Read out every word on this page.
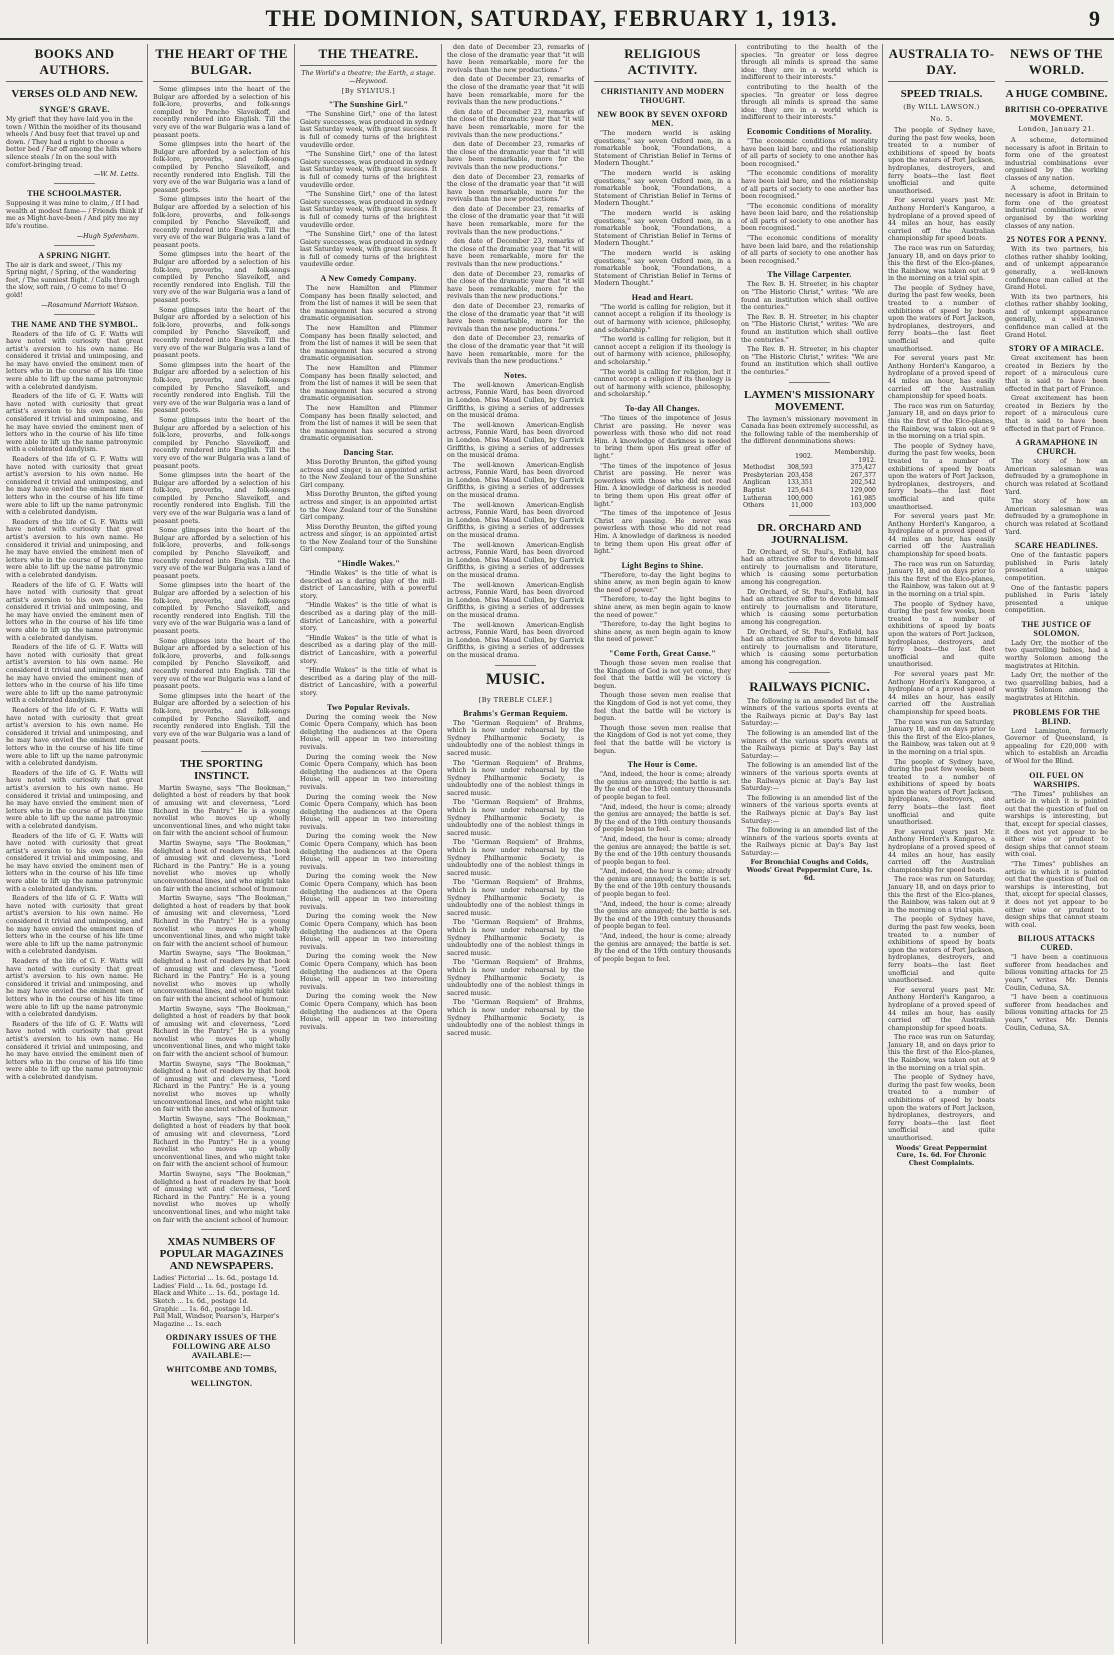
THE DOMINION, SATURDAY, FEBRUARY 1, 1913.	9
BOOKS AND AUTHORS.
VERSES OLD AND NEW.
SYNGE'S GRAVE.

My grief! that they have laid you in the town / Within the moidher of its thousand wheels / And busy feet that travel up and down. / They had a right to choose a better bed / Far off among the hills where silence steals / In on the soul with comfort-bringing tread.

—W. M. Letts.
THE SCHOOLMASTER.

Supposing it was mine to claim, / If I had wealth at modest fame— / Friends think if me as Might-have-been / And pity me my life's routine.

—Hugh Sydenham.
A SPRING NIGHT.

The air is dark and sweet, / This my Spring night, / Spring, of the wandering feet, / The sunniest flight. / Calls through the slow, soft rain, / O come to me! O gold!

—Rosamund Marriott Watson.
THE NAME AND THE SYMBOL.

Readers of the life of G. F. Watts will have noted with curiosity that great artist's aversion to his own name. He considered it trivial and unimposing, and he may have envied the eminent men of letters who in the course of his life time were able to lift up the name patronymic with a celebrated dandyism.

Readers of the life of G. F. Watts will have noted with curiosity that great artist's aversion to his own name. He considered it trivial and unimposing, and he may have envied the eminent men of letters who in the course of his life time were able to lift up the name patronymic with a celebrated dandyism.

Readers of the life of G. F. Watts will have noted with curiosity that great artist's aversion to his own name. He considered it trivial and unimposing, and he may have envied the eminent men of letters who in the course of his life time were able to lift up the name patronymic with a celebrated dandyism.

Readers of the life of G. F. Watts will have noted with curiosity that great artist's aversion to his own name. He considered it trivial and unimposing, and he may have envied the eminent men of letters who in the course of his life time were able to lift up the name patronymic with a celebrated dandyism.

Readers of the life of G. F. Watts will have noted with curiosity that great artist's aversion to his own name. He considered it trivial and unimposing, and he may have envied the eminent men of letters who in the course of his life time were able to lift up the name patronymic with a celebrated dandyism.

Readers of the life of G. F. Watts will have noted with curiosity that great artist's aversion to his own name. He considered it trivial and unimposing, and he may have envied the eminent men of letters who in the course of his life time were able to lift up the name patronymic with a celebrated dandyism.

Readers of the life of G. F. Watts will have noted with curiosity that great artist's aversion to his own name. He considered it trivial and unimposing, and he may have envied the eminent men of letters who in the course of his life time were able to lift up the name patronymic with a celebrated dandyism.

Readers of the life of G. F. Watts will have noted with curiosity that great artist's aversion to his own name. He considered it trivial and unimposing, and he may have envied the eminent men of letters who in the course of his life time were able to lift up the name patronymic with a celebrated dandyism.

Readers of the life of G. F. Watts will have noted with curiosity that great artist's aversion to his own name. He considered it trivial and unimposing, and he may have envied the eminent men of letters who in the course of his life time were able to lift up the name patronymic with a celebrated dandyism.

Readers of the life of G. F. Watts will have noted with curiosity that great artist's aversion to his own name. He considered it trivial and unimposing, and he may have envied the eminent men of letters who in the course of his life time were able to lift up the name patronymic with a celebrated dandyism.

Readers of the life of G. F. Watts will have noted with curiosity that great artist's aversion to his own name. He considered it trivial and unimposing, and he may have envied the eminent men of letters who in the course of his life time were able to lift up the name patronymic with a celebrated dandyism.

Readers of the life of G. F. Watts will have noted with curiosity that great artist's aversion to his own name. He considered it trivial and unimposing, and he may have envied the eminent men of letters who in the course of his life time were able to lift up the name patronymic with a celebrated dandyism.

THE HEART OF THE BULGAR.

Some glimpses into the heart of the Bulgar are afforded by a selection of his folk-lore, proverbs, and folk-songs compiled by Pencho Slaveikoff, and recently rendered into English. Till the very eve of the war Bulgaria was a land of peasant poets.

Some glimpses into the heart of the Bulgar are afforded by a selection of his folk-lore, proverbs, and folk-songs compiled by Pencho Slaveikoff, and recently rendered into English. Till the very eve of the war Bulgaria was a land of peasant poets.

Some glimpses into the heart of the Bulgar are afforded by a selection of his folk-lore, proverbs, and folk-songs compiled by Pencho Slaveikoff, and recently rendered into English. Till the very eve of the war Bulgaria was a land of peasant poets.

Some glimpses into the heart of the Bulgar are afforded by a selection of his folk-lore, proverbs, and folk-songs compiled by Pencho Slaveikoff, and recently rendered into English. Till the very eve of the war Bulgaria was a land of peasant poets.

Some glimpses into the heart of the Bulgar are afforded by a selection of his folk-lore, proverbs, and folk-songs compiled by Pencho Slaveikoff, and recently rendered into English. Till the very eve of the war Bulgaria was a land of peasant poets.

Some glimpses into the heart of the Bulgar are afforded by a selection of his folk-lore, proverbs, and folk-songs compiled by Pencho Slaveikoff, and recently rendered into English. Till the very eve of the war Bulgaria was a land of peasant poets.

Some glimpses into the heart of the Bulgar are afforded by a selection of his folk-lore, proverbs, and folk-songs compiled by Pencho Slaveikoff, and recently rendered into English. Till the very eve of the war Bulgaria was a land of peasant poets.

Some glimpses into the heart of the Bulgar are afforded by a selection of his folk-lore, proverbs, and folk-songs compiled by Pencho Slaveikoff, and recently rendered into English. Till the very eve of the war Bulgaria was a land of peasant poets.

Some glimpses into the heart of the Bulgar are afforded by a selection of his folk-lore, proverbs, and folk-songs compiled by Pencho Slaveikoff, and recently rendered into English. Till the very eve of the war Bulgaria was a land of peasant poets.

Some glimpses into the heart of the Bulgar are afforded by a selection of his folk-lore, proverbs, and folk-songs compiled by Pencho Slaveikoff, and recently rendered into English. Till the very eve of the war Bulgaria was a land of peasant poets.

Some glimpses into the heart of the Bulgar are afforded by a selection of his folk-lore, proverbs, and folk-songs compiled by Pencho Slaveikoff, and recently rendered into English. Till the very eve of the war Bulgaria was a land of peasant poets.

Some glimpses into the heart of the Bulgar are afforded by a selection of his folk-lore, proverbs, and folk-songs compiled by Pencho Slaveikoff, and recently rendered into English. Till the very eve of the war Bulgaria was a land of peasant poets.

THE SPORTING INSTINCT.

Martin Swayne, says "The Bookman," delighted a host of readers by that book of amusing wit and cleverness, "Lord Richard in the Pantry." He is a young novelist who moves up wholly unconventional lines, and who might take on fair with the ancient school of humour.

Martin Swayne, says "The Bookman," delighted a host of readers by that book of amusing wit and cleverness, "Lord Richard in the Pantry." He is a young novelist who moves up wholly unconventional lines, and who might take on fair with the ancient school of humour.

Martin Swayne, says "The Bookman," delighted a host of readers by that book of amusing wit and cleverness, "Lord Richard in the Pantry." He is a young novelist who moves up wholly unconventional lines, and who might take on fair with the ancient school of humour.

Martin Swayne, says "The Bookman," delighted a host of readers by that book of amusing wit and cleverness, "Lord Richard in the Pantry." He is a young novelist who moves up wholly unconventional lines, and who might take on fair with the ancient school of humour.

Martin Swayne, says "The Bookman," delighted a host of readers by that book of amusing wit and cleverness, "Lord Richard in the Pantry." He is a young novelist who moves up wholly unconventional lines, and who might take on fair with the ancient school of humour.

Martin Swayne, says "The Bookman," delighted a host of readers by that book of amusing wit and cleverness, "Lord Richard in the Pantry." He is a young novelist who moves up wholly unconventional lines, and who might take on fair with the ancient school of humour.

Martin Swayne, says "The Bookman," delighted a host of readers by that book of amusing wit and cleverness, "Lord Richard in the Pantry." He is a young novelist who moves up wholly unconventional lines, and who might take on fair with the ancient school of humour.

Martin Swayne, says "The Bookman," delighted a host of readers by that book of amusing wit and cleverness, "Lord Richard in the Pantry." He is a young novelist who moves up wholly unconventional lines, and who might take on fair with the ancient school of humour.

XMAS NUMBERS OF POPULAR MAGAZINES AND NEWSPAPERS.

Ladies' Pictorial ... 1s. 6d., postage 1d.

Ladies' Field ... 1s. 6d., postage 1d.

Black and White ... 1s. 6d., postage 1d.

Sketch ... 1s. 6d., postage 1d.

Graphic ... 1s. 6d., postage 1d.

Pall Mall, Windsor, Pearson's, Harper's Magazine ... 1s. each

ORDINARY ISSUES OF THE FOLLOWING ARE ALSO AVAILABLE:—
WHITCOMBE AND TOMBS,
WELLINGTON.
THE THEATRE.

The World's a theatre; the Earth, a stage.—Heywood.

[By SYLVIUS.]
"The Sunshine Girl."

"The Sunshine Girl," one of the latest Gaiety successes, was produced in sydney last Saturday week, with great success. It is full of comedy turns of the brightest vaudeville order.

"The Sunshine Girl," one of the latest Gaiety successes, was produced in sydney last Saturday week, with great success. It is full of comedy turns of the brightest vaudeville order.

"The Sunshine Girl," one of the latest Gaiety successes, was produced in sydney last Saturday week, with great success. It is full of comedy turns of the brightest vaudeville order.

"The Sunshine Girl," one of the latest Gaiety successes, was produced in sydney last Saturday week, with great success. It is full of comedy turns of the brightest vaudeville order.

A New Comedy Company.

The new Hamilton and Plimmer Company has been finally selected, and from the list of names it will be seen that the management has secured a strong dramatic organisation.

The new Hamilton and Plimmer Company has been finally selected, and from the list of names it will be seen that the management has secured a strong dramatic organisation.

The new Hamilton and Plimmer Company has been finally selected, and from the list of names it will be seen that the management has secured a strong dramatic organisation.

The new Hamilton and Plimmer Company has been finally selected, and from the list of names it will be seen that the management has secured a strong dramatic organisation.

Dancing Star.

Miss Dorothy Brunton, the gifted young actress and singer, is an appointed artist to the New Zealand tour of the Sunshine Girl company.

Miss Dorothy Brunton, the gifted young actress and singer, is an appointed artist to the New Zealand tour of the Sunshine Girl company.

Miss Dorothy Brunton, the gifted young actress and singer, is an appointed artist to the New Zealand tour of the Sunshine Girl company.

"Hindle Wakes."

"Hindle Wakes" is the title of what is described as a daring play of the mill-district of Lancashire, with a powerful story.

"Hindle Wakes" is the title of what is described as a daring play of the mill-district of Lancashire, with a powerful story.

"Hindle Wakes" is the title of what is described as a daring play of the mill-district of Lancashire, with a powerful story.

"Hindle Wakes" is the title of what is described as a daring play of the mill-district of Lancashire, with a powerful story.

Two Popular Revivals.

During the coming week the New Comic Opera Company, which has been delighting the audiences at the Opera House, will appear in two interesting revivals.

During the coming week the New Comic Opera Company, which has been delighting the audiences at the Opera House, will appear in two interesting revivals.

During the coming week the New Comic Opera Company, which has been delighting the audiences at the Opera House, will appear in two interesting revivals.

During the coming week the New Comic Opera Company, which has been delighting the audiences at the Opera House, will appear in two interesting revivals.

During the coming week the New Comic Opera Company, which has been delighting the audiences at the Opera House, will appear in two interesting revivals.

During the coming week the New Comic Opera Company, which has been delighting the audiences at the Opera House, will appear in two interesting revivals.

During the coming week the New Comic Opera Company, which has been delighting the audiences at the Opera House, will appear in two interesting revivals.

During the coming week the New Comic Opera Company, which has been delighting the audiences at the Opera House, will appear in two interesting revivals.

den date of December 23, remarks of the close of the dramatic year that "it will have been remarkable, more for the revivals than the new productions."

den date of December 23, remarks of the close of the dramatic year that "it will have been remarkable, more for the revivals than the new productions."

den date of December 23, remarks of the close of the dramatic year that "it will have been remarkable, more for the revivals than the new productions."

den date of December 23, remarks of the close of the dramatic year that "it will have been remarkable, more for the revivals than the new productions."

den date of December 23, remarks of the close of the dramatic year that "it will have been remarkable, more for the revivals than the new productions."

den date of December 23, remarks of the close of the dramatic year that "it will have been remarkable, more for the revivals than the new productions."

den date of December 23, remarks of the close of the dramatic year that "it will have been remarkable, more for the revivals than the new productions."

den date of December 23, remarks of the close of the dramatic year that "it will have been remarkable, more for the revivals than the new productions."

den date of December 23, remarks of the close of the dramatic year that "it will have been remarkable, more for the revivals than the new productions."

den date of December 23, remarks of the close of the dramatic year that "it will have been remarkable, more for the revivals than the new productions."

Notes.

The well-known American-English actress, Fannie Ward, has been divorced in London. Miss Maud Cullen, by Garrick Griffiths, is giving a series of addresses on the musical drama.

The well-known American-English actress, Fannie Ward, has been divorced in London. Miss Maud Cullen, by Garrick Griffiths, is giving a series of addresses on the musical drama.

The well-known American-English actress, Fannie Ward, has been divorced in London. Miss Maud Cullen, by Garrick Griffiths, is giving a series of addresses on the musical drama.

The well-known American-English actress, Fannie Ward, has been divorced in London. Miss Maud Cullen, by Garrick Griffiths, is giving a series of addresses on the musical drama.

The well-known American-English actress, Fannie Ward, has been divorced in London. Miss Maud Cullen, by Garrick Griffiths, is giving a series of addresses on the musical drama.

The well-known American-English actress, Fannie Ward, has been divorced in London. Miss Maud Cullen, by Garrick Griffiths, is giving a series of addresses on the musical drama.

The well-known American-English actress, Fannie Ward, has been divorced in London. Miss Maud Cullen, by Garrick Griffiths, is giving a series of addresses on the musical drama.

MUSIC.
[By TREBLE CLEF.]
Brahms's German Requiem.

The "German Requiem" of Brahms, which is now under rehearsal by the Sydney Philharmonic Society, is undoubtedly one of the noblest things in sacred music.

The "German Requiem" of Brahms, which is now under rehearsal by the Sydney Philharmonic Society, is undoubtedly one of the noblest things in sacred music.

The "German Requiem" of Brahms, which is now under rehearsal by the Sydney Philharmonic Society, is undoubtedly one of the noblest things in sacred music.

The "German Requiem" of Brahms, which is now under rehearsal by the Sydney Philharmonic Society, is undoubtedly one of the noblest things in sacred music.

The "German Requiem" of Brahms, which is now under rehearsal by the Sydney Philharmonic Society, is undoubtedly one of the noblest things in sacred music.

The "German Requiem" of Brahms, which is now under rehearsal by the Sydney Philharmonic Society, is undoubtedly one of the noblest things in sacred music.

The "German Requiem" of Brahms, which is now under rehearsal by the Sydney Philharmonic Society, is undoubtedly one of the noblest things in sacred music.

The "German Requiem" of Brahms, which is now under rehearsal by the Sydney Philharmonic Society, is undoubtedly one of the noblest things in sacred music.

RELIGIOUS ACTIVITY.
CHRISTIANITY AND MODERN THOUGHT.
NEW BOOK BY SEVEN OXFORD MEN.

"The modern world is asking questions," say seven Oxford men, in a remarkable book, "Foundations, a Statement of Christian Belief in Terms of Modern Thought."

"The modern world is asking questions," say seven Oxford men, in a remarkable book, "Foundations, a Statement of Christian Belief in Terms of Modern Thought."

"The modern world is asking questions," say seven Oxford men, in a remarkable book, "Foundations, a Statement of Christian Belief in Terms of Modern Thought."

"The modern world is asking questions," say seven Oxford men, in a remarkable book, "Foundations, a Statement of Christian Belief in Terms of Modern Thought."

Head and Heart.

"The world is calling for religion, but it cannot accept a religion if its theology is out of harmony with science, philosophy, and scholarship."

"The world is calling for religion, but it cannot accept a religion if its theology is out of harmony with science, philosophy, and scholarship."

"The world is calling for religion, but it cannot accept a religion if its theology is out of harmony with science, philosophy, and scholarship."

To-day All Changes.

"The times of the impotence of Jesus Christ are passing. He never was powerless with those who did not read Him. A knowledge of darkness is needed to bring them upon His great offer of light."

"The times of the impotence of Jesus Christ are passing. He never was powerless with those who did not read Him. A knowledge of darkness is needed to bring them upon His great offer of light."

"The times of the impotence of Jesus Christ are passing. He never was powerless with those who did not read Him. A knowledge of darkness is needed to bring them upon His great offer of light."

Light Begins to Shine.

"Therefore, to-day the light begins to shine anew, as men begin again to know the need of power."

"Therefore, to-day the light begins to shine anew, as men begin again to know the need of power."

"Therefore, to-day the light begins to shine anew, as men begin again to know the need of power."

"Come Forth, Great Cause."

Though those seven men realise that the Kingdom of God is not yet come, they feel that the battle will be victory is begun.

Though those seven men realise that the Kingdom of God is not yet come, they feel that the battle will be victory is begun.

Though those seven men realise that the Kingdom of God is not yet come, they feel that the battle will be victory is begun.

The Hour is Come.

"And, indeed, the hour is come; already the genius are annayed; the battle is set. By the end of the 19th century thousands of people began to feel.

"And, indeed, the hour is come; already the genius are annayed; the battle is set. By the end of the 19th century thousands of people began to feel.

"And, indeed, the hour is come; already the genius are annayed; the battle is set. By the end of the 19th century thousands of people began to feel.

"And, indeed, the hour is come; already the genius are annayed; the battle is set. By the end of the 19th century thousands of people began to feel.

"And, indeed, the hour is come; already the genius are annayed; the battle is set. By the end of the 19th century thousands of people began to feel.

"And, indeed, the hour is come; already the genius are annayed; the battle is set. By the end of the 19th century thousands of people began to feel.

contributing to the health of the species. "In greater or less degree through all minds is spread the same idea: they are in a world which is indifferent to their interests."

contributing to the health of the species. "In greater or less degree through all minds is spread the same idea: they are in a world which is indifferent to their interests."

Economic Conditions of Morality.

"The economic conditions of morality have been laid bare, and the relationship of all parts of society to one another has been recognised."

"The economic conditions of morality have been laid bare, and the relationship of all parts of society to one another has been recognised."

"The economic conditions of morality have been laid bare, and the relationship of all parts of society to one another has been recognised."

"The economic conditions of morality have been laid bare, and the relationship of all parts of society to one another has been recognised."

The Village Carpenter.

The Rev. B. H. Streeter, in his chapter on "The Historic Christ," writes: "We are found an institution which shall outlive the centuries."

The Rev. B. H. Streeter, in his chapter on "The Historic Christ," writes: "We are found an institution which shall outlive the centuries."

The Rev. B. H. Streeter, in his chapter on "The Historic Christ," writes: "We are found an institution which shall outlive the centuries."

LAYMEN'S MISSIONARY MOVEMENT.

The laymen's missionary movement in Canada has been extremely successful, as the following table of the membership of the different denominations shows:

	1902.	Membership. 1912.
Methodist	308,593	375,427
Presbyterian	203,458	267,377
Anglican	133,351	202,542
Baptist	125,643	129,000
Lutheran	100,000	161,985
Others	11,000	103,000
DR. ORCHARD AND JOURNALISM.

Dr. Orchard, of St. Paul's, Enfield, has had an attractive offer to devote himself entirely to journalism and literature, which is causing some perturbation among his congregation.

Dr. Orchard, of St. Paul's, Enfield, has had an attractive offer to devote himself entirely to journalism and literature, which is causing some perturbation among his congregation.

Dr. Orchard, of St. Paul's, Enfield, has had an attractive offer to devote himself entirely to journalism and literature, which is causing some perturbation among his congregation.

RAILWAYS PICNIC.

The following is an amended list of the winners of the various sports events at the Railways picnic at Day's Bay last Saturday:—

The following is an amended list of the winners of the various sports events at the Railways picnic at Day's Bay last Saturday:—

The following is an amended list of the winners of the various sports events at the Railways picnic at Day's Bay last Saturday:—

The following is an amended list of the winners of the various sports events at the Railways picnic at Day's Bay last Saturday:—

The following is an amended list of the winners of the various sports events at the Railways picnic at Day's Bay last Saturday:—

For Bronchial Coughs and Colds, Woods' Great Peppermint Cure, 1s. 6d.

AUSTRALIA TO-DAY.
SPEED TRIALS.
(By WILL LAWSON.)
No. 5.

The people of Sydney have, during the past few weeks, been treated to a number of exhibitions of speed by boats upon the waters of Port Jackson, hydroplanes, destroyers, and ferry boats—the last fleet unofficial and quite unauthorised.

For several years past Mr. Anthony Horderi's Kangaroo, a hydroplane of a proved speed of 44 miles an hour, has easily carried off the Australian championship for speed boats.

The race was run on Saturday, January 18, and on days prior to this the first of the Elco-planes, the Rainbow, was taken out at 9 in the morning on a trial spin.

The people of Sydney have, during the past few weeks, been treated to a number of exhibitions of speed by boats upon the waters of Port Jackson, hydroplanes, destroyers, and ferry boats—the last fleet unofficial and quite unauthorised.

For several years past Mr. Anthony Horderi's Kangaroo, a hydroplane of a proved speed of 44 miles an hour, has easily carried off the Australian championship for speed boats.

The race was run on Saturday, January 18, and on days prior to this the first of the Elco-planes, the Rainbow, was taken out at 9 in the morning on a trial spin.

The people of Sydney have, during the past few weeks, been treated to a number of exhibitions of speed by boats upon the waters of Port Jackson, hydroplanes, destroyers, and ferry boats—the last fleet unofficial and quite unauthorised.

For several years past Mr. Anthony Horderi's Kangaroo, a hydroplane of a proved speed of 44 miles an hour, has easily carried off the Australian championship for speed boats.

The race was run on Saturday, January 18, and on days prior to this the first of the Elco-planes, the Rainbow, was taken out at 9 in the morning on a trial spin.

The people of Sydney have, during the past few weeks, been treated to a number of exhibitions of speed by boats upon the waters of Port Jackson, hydroplanes, destroyers, and ferry boats—the last fleet unofficial and quite unauthorised.

For several years past Mr. Anthony Horderi's Kangaroo, a hydroplane of a proved speed of 44 miles an hour, has easily carried off the Australian championship for speed boats.

The race was run on Saturday, January 18, and on days prior to this the first of the Elco-planes, the Rainbow, was taken out at 9 in the morning on a trial spin.

The people of Sydney have, during the past few weeks, been treated to a number of exhibitions of speed by boats upon the waters of Port Jackson, hydroplanes, destroyers, and ferry boats—the last fleet unofficial and quite unauthorised.

For several years past Mr. Anthony Horderi's Kangaroo, a hydroplane of a proved speed of 44 miles an hour, has easily carried off the Australian championship for speed boats.

The race was run on Saturday, January 18, and on days prior to this the first of the Elco-planes, the Rainbow, was taken out at 9 in the morning on a trial spin.

The people of Sydney have, during the past few weeks, been treated to a number of exhibitions of speed by boats upon the waters of Port Jackson, hydroplanes, destroyers, and ferry boats—the last fleet unofficial and quite unauthorised.

For several years past Mr. Anthony Horderi's Kangaroo, a hydroplane of a proved speed of 44 miles an hour, has easily carried off the Australian championship for speed boats.

The race was run on Saturday, January 18, and on days prior to this the first of the Elco-planes, the Rainbow, was taken out at 9 in the morning on a trial spin.

The people of Sydney have, during the past few weeks, been treated to a number of exhibitions of speed by boats upon the waters of Port Jackson, hydroplanes, destroyers, and ferry boats—the last fleet unofficial and quite unauthorised.

Woods' Great Peppermint Cure, 1s. 6d. For Chronic Chest Complaints.

NEWS OF THE WORLD.
A HUGE COMBINE.
BRITISH CO-OPERATIVE MOVEMENT.
London, January 21.

A scheme, determined necessary is afoot in Britain to form one of the greatest industrial combinations ever organised by the working classes of any nation.

A scheme, determined necessary is afoot in Britain to form one of the greatest industrial combinations ever organised by the working classes of any nation.

25 NOTES FOR A PENNY.

With its two partners, his clothes rather shabby looking, and of unkempt appearance generally, a well-known confidence man called at the Grand Hotel.

With its two partners, his clothes rather shabby looking, and of unkempt appearance generally, a well-known confidence man called at the Grand Hotel.

STORY OF A MIRACLE.

Great excitement has been created in Beziers by the report of a miraculous cure that is said to have been effected in that part of France.

Great excitement has been created in Beziers by the report of a miraculous cure that is said to have been effected in that part of France.

A GRAMAPHONE IN CHURCH.

The story of how an American salesman was defrauded by a gramophone in church was related at Scotland Yard.

The story of how an American salesman was defrauded by a gramophone in church was related at Scotland Yard.

SCARE HEADLINES.

One of the fantastic papers published in Paris lately presented a unique competition.

One of the fantastic papers published in Paris lately presented a unique competition.

THE JUSTICE OF SOLOMON.

Lady Orr, the mother of the two quarrelling babies, had a worthy Solomon among the magistrates at Hitchin.

Lady Orr, the mother of the two quarrelling babies, had a worthy Solomon among the magistrates at Hitchin.

PROBLEMS FOR THE BLIND.

Lord Lamington, formerly Governor of Queensland, is appealing for £20,000 with which to establish an Arcadia of Wool for the Blind.

OIL FUEL ON WARSHIPS.

"The Times" publishes an article in which it is pointed out that the question of fuel on warships is interesting, but that, except for special classes, it does not yet appear to be either wise or prudent to design ships that cannot steam with coal.

"The Times" publishes an article in which it is pointed out that the question of fuel on warships is interesting, but that, except for special classes, it does not yet appear to be either wise or prudent to design ships that cannot steam with coal.

BILIOUS ATTACKS CURED.

"I have been a continuous sufferer from headaches and bilious vomiting attacks for 25 years," writes Mr. Dennis Coulin, Ceduna, SA.

"I have been a continuous sufferer from headaches and bilious vomiting attacks for 25 years," writes Mr. Dennis Coulin, Ceduna, SA.
